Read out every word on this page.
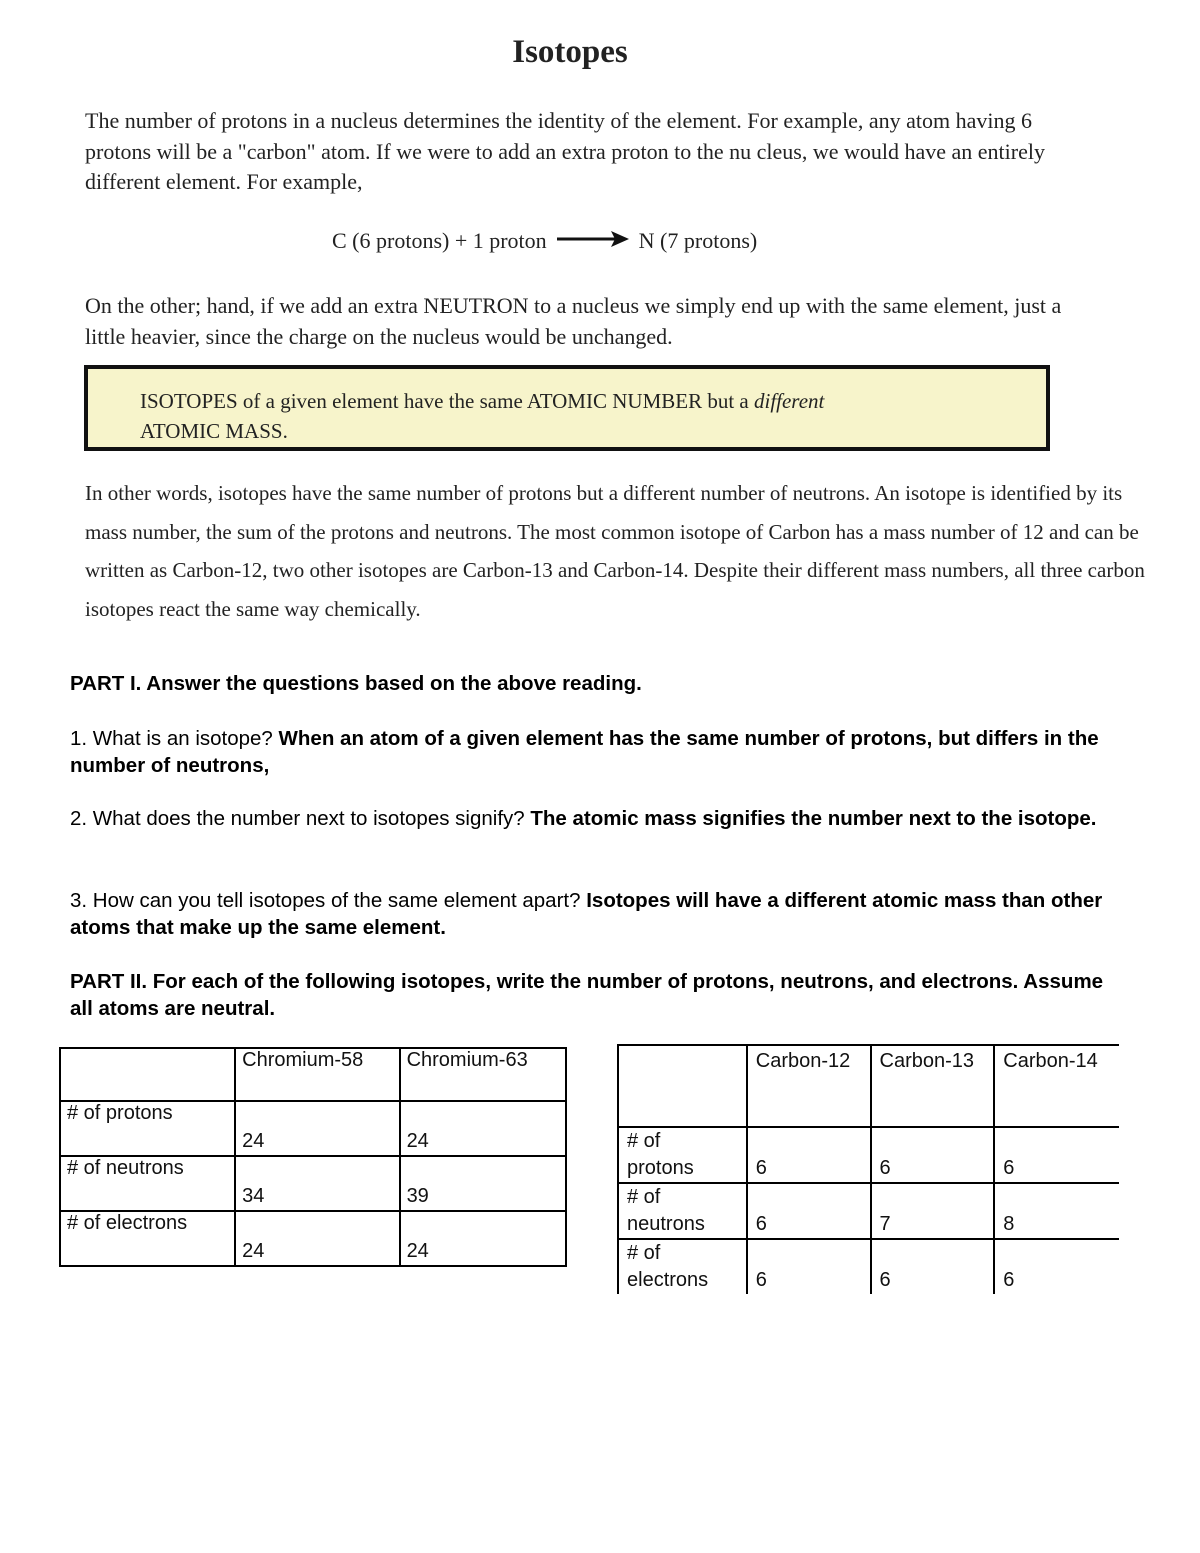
Isotopes
The number of protons in a nucleus determines the identity of the element. For example, any atom having 6 protons will be a "carbon" atom. If we were to add an extra proton to the nu cleus, we would have an entirely different element. For example,
C (6 protons) + 1 proton	N (7 protons)
On the other; hand, if we add an extra NEUTRON to a nucleus we simply end up with the same element, just a little heavier, since the charge on the nucleus would be unchanged.
ISOTOPES of a given element have the same ATOMIC NUMBER but a different
ATOMIC MASS.
In other words, isotopes have the same number of protons but a different number of neutrons. An isotope is identified by its mass number, the sum of the protons and neutrons. The most common isotope of Carbon has a mass number of 12 and can be written as Carbon-12, two other isotopes are Carbon-13 and Carbon-14. Despite their different mass numbers, all three carbon isotopes react the same way chemically.
PART I. Answer the questions based on the above reading.
1. What is an isotope? When an atom of a given element has the same number of protons, but differs in the number of neutrons,
2. What does the number next to isotopes signify? The atomic mass signifies the number next to the isotope.
3. How can you tell isotopes of the same element apart? Isotopes will have a different atomic mass than other atoms that make up the same element.
PART II. For each of the following isotopes, write the number of protons, neutrons, and electrons. Assume all atoms are neutral.
	Chromium-58	Chromium-63
# of protons	24	24
# of neutrons	34	39
# of electrons	24	24

	Carbon-12	Carbon-13	Carbon-14

# of protons	6	6	6

# of neutrons	6	7	8

# of electrons	6	6	6
